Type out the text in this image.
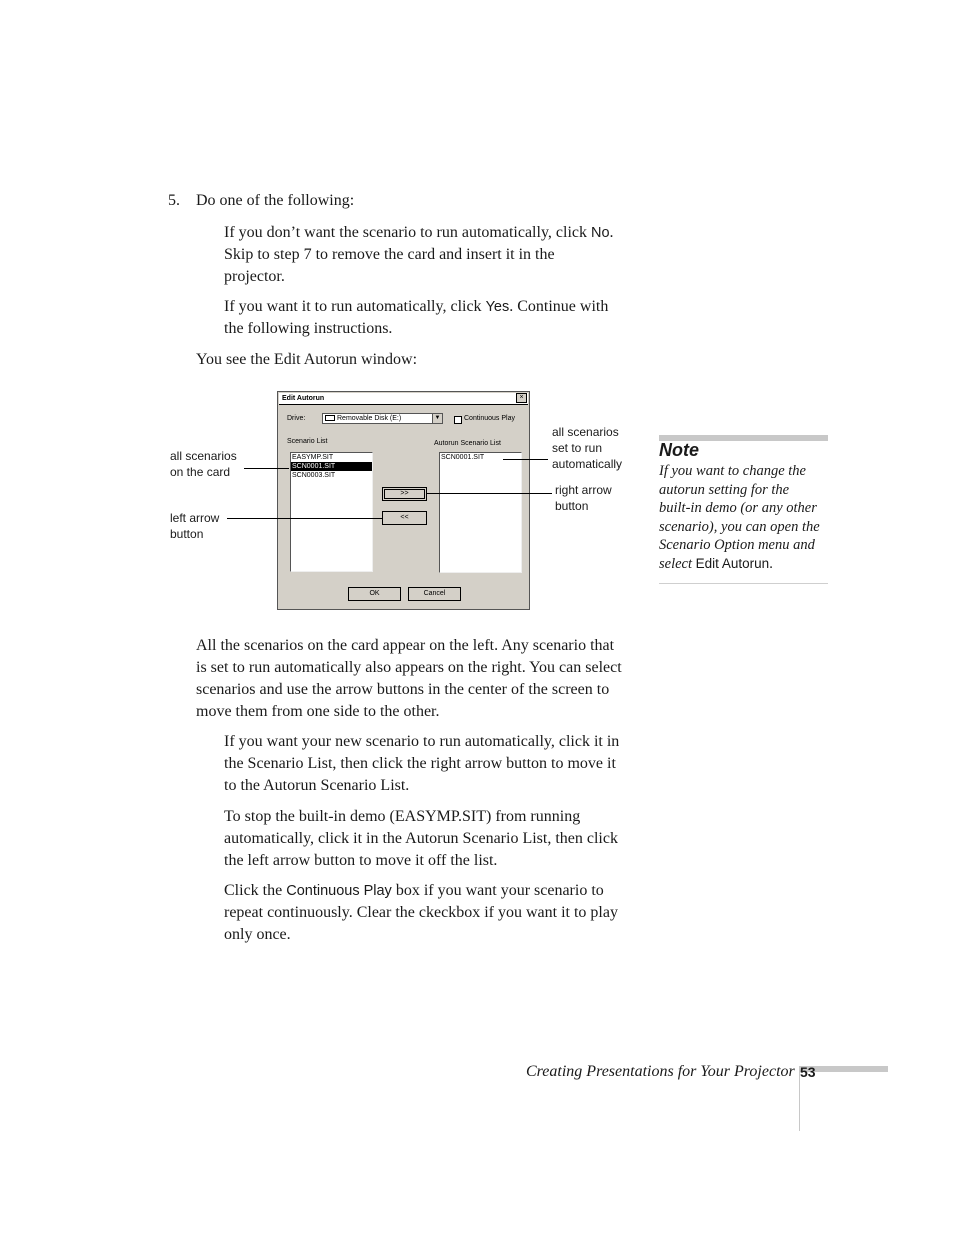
5. Do one of the following:
If you don’t want the scenario to run automatically, click No.
Skip to step 7 to remove the card and insert it in the
projector.
If you want it to run automatically, click Yes. Continue with
the following instructions.
You see the Edit Autorun window:
Edit Autorun	×
Drive:	Removable Disk (E:)	▼	Continuous Play
Scenario List	Autorun Scenario List
EASYMP.SIT
SCN0001.SIT
SCN0003.SIT
>>
<<
SCN0001.SIT
OK	Cancel
all scenarios
on the card
left arrow
button
all scenarios
set to run
automatically
right arrow
button
All the scenarios on the card appear on the left. Any scenario that
is set to run automatically also appears on the right. You can select
scenarios and use the arrow buttons in the center of the screen to
move them from one side to the other.
If you want your new scenario to run automatically, click it in
the Scenario List, then click the right arrow button to move it
to the Autorun Scenario List.
To stop the built-in demo (EASYMP.SIT) from running
automatically, click it in the Autorun Scenario List, then click
the left arrow button to move it off the list.
Click the Continuous Play box if you want your scenario to
repeat continuously. Clear the ckeckbox if you want it to play
only once.
Note
If you want to change the
autorun setting for the
built-in demo (or any other
scenario), you can open the
Scenario Option menu and
select Edit Autorun.
Creating Presentations for Your Projector 53
